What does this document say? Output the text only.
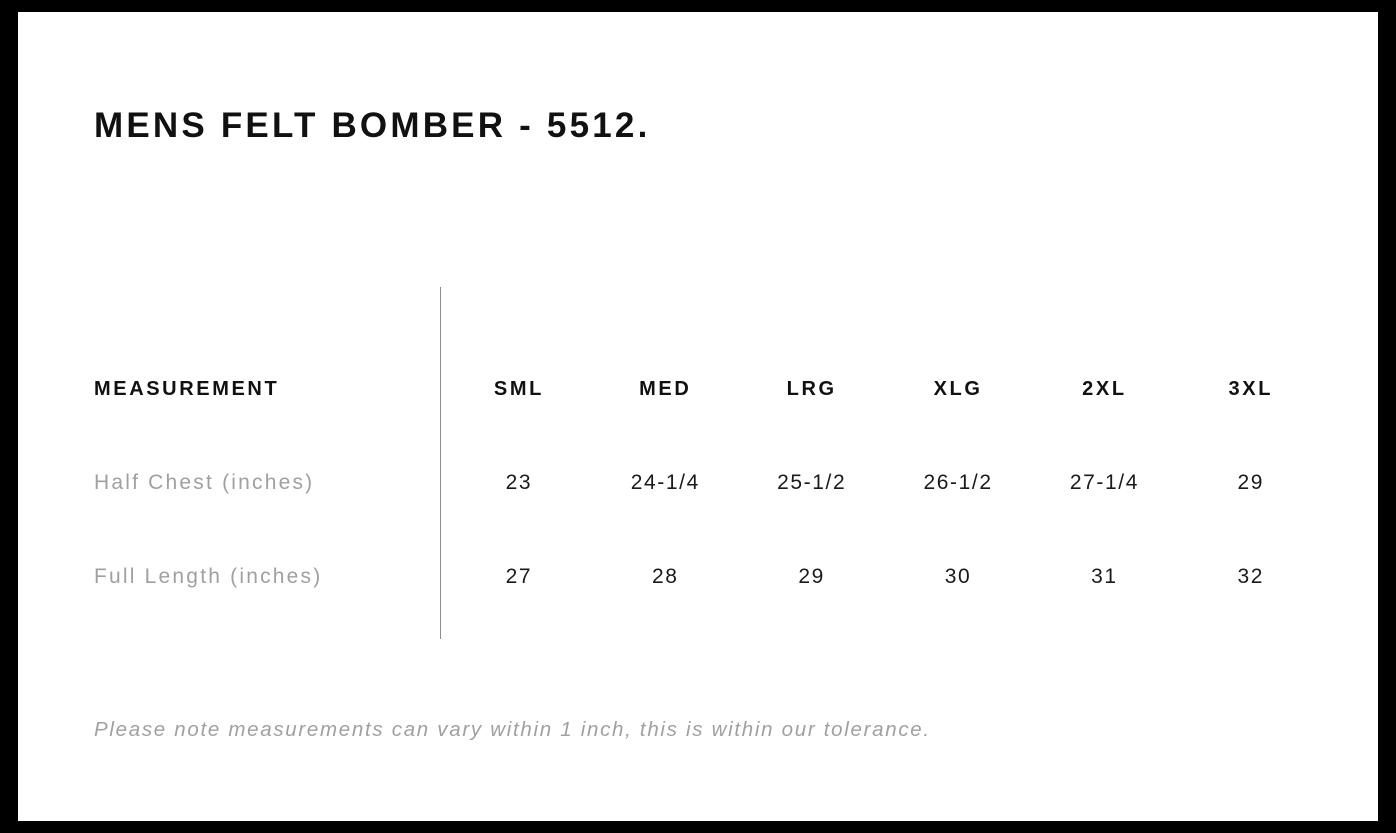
MENS FELT BOMBER - 5512.
MEASUREMENT	SML	MED	LRG	XLG	2XL	3XL
Half Chest (inches)	23	24-1/4	25-1/2	26-1/2	27-1/4	29
Full Length (inches)	27	28	29	30	31	32
Please note measurements can vary within 1 inch, this is within our tolerance.
